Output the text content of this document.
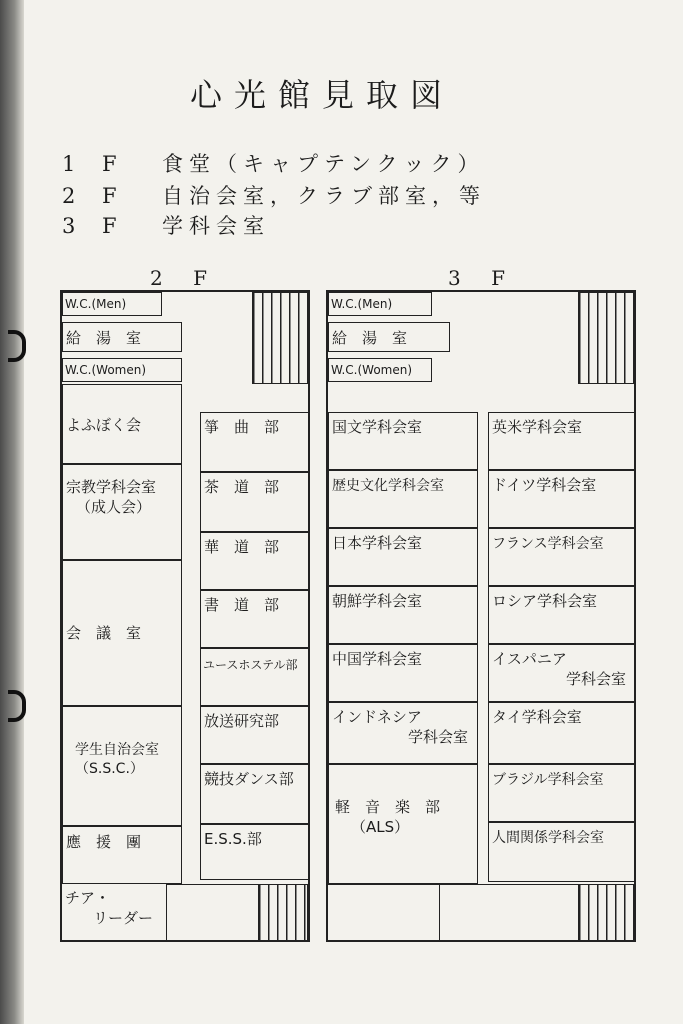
心光館見取図
1 F 食堂（キャプテンクック）
2 F 自治会室，クラブ部室，等
3 F 学科会室
2 F
W.C.(Men)
給　湯　室
W.C.(Women)
よふぼく会
宗教学科会室
（成人会）
会　議　室
学生自治会室
（S.S.C.）
應　援　團
チア・
リーダー
箏　曲　部
茶　道　部
華　道　部
書　道　部
ユースホステル部
放送研究部
競技ダンス部
E.S.S.部
3 F
W.C.(Men)
給　湯　室
W.C.(Women)
国文学科会室
歴史文化学科会室
日本学科会室
朝鮮学科会室
中国学科会室
インドネシア
学科会室
軽　音　楽　部
（ALS）
英米学科会室
ドイツ学科会室
フランス学科会室
ロシア学科会室
イスパニア
学科会室
タイ学科会室
ブラジル学科会室
人間関係学科会室
